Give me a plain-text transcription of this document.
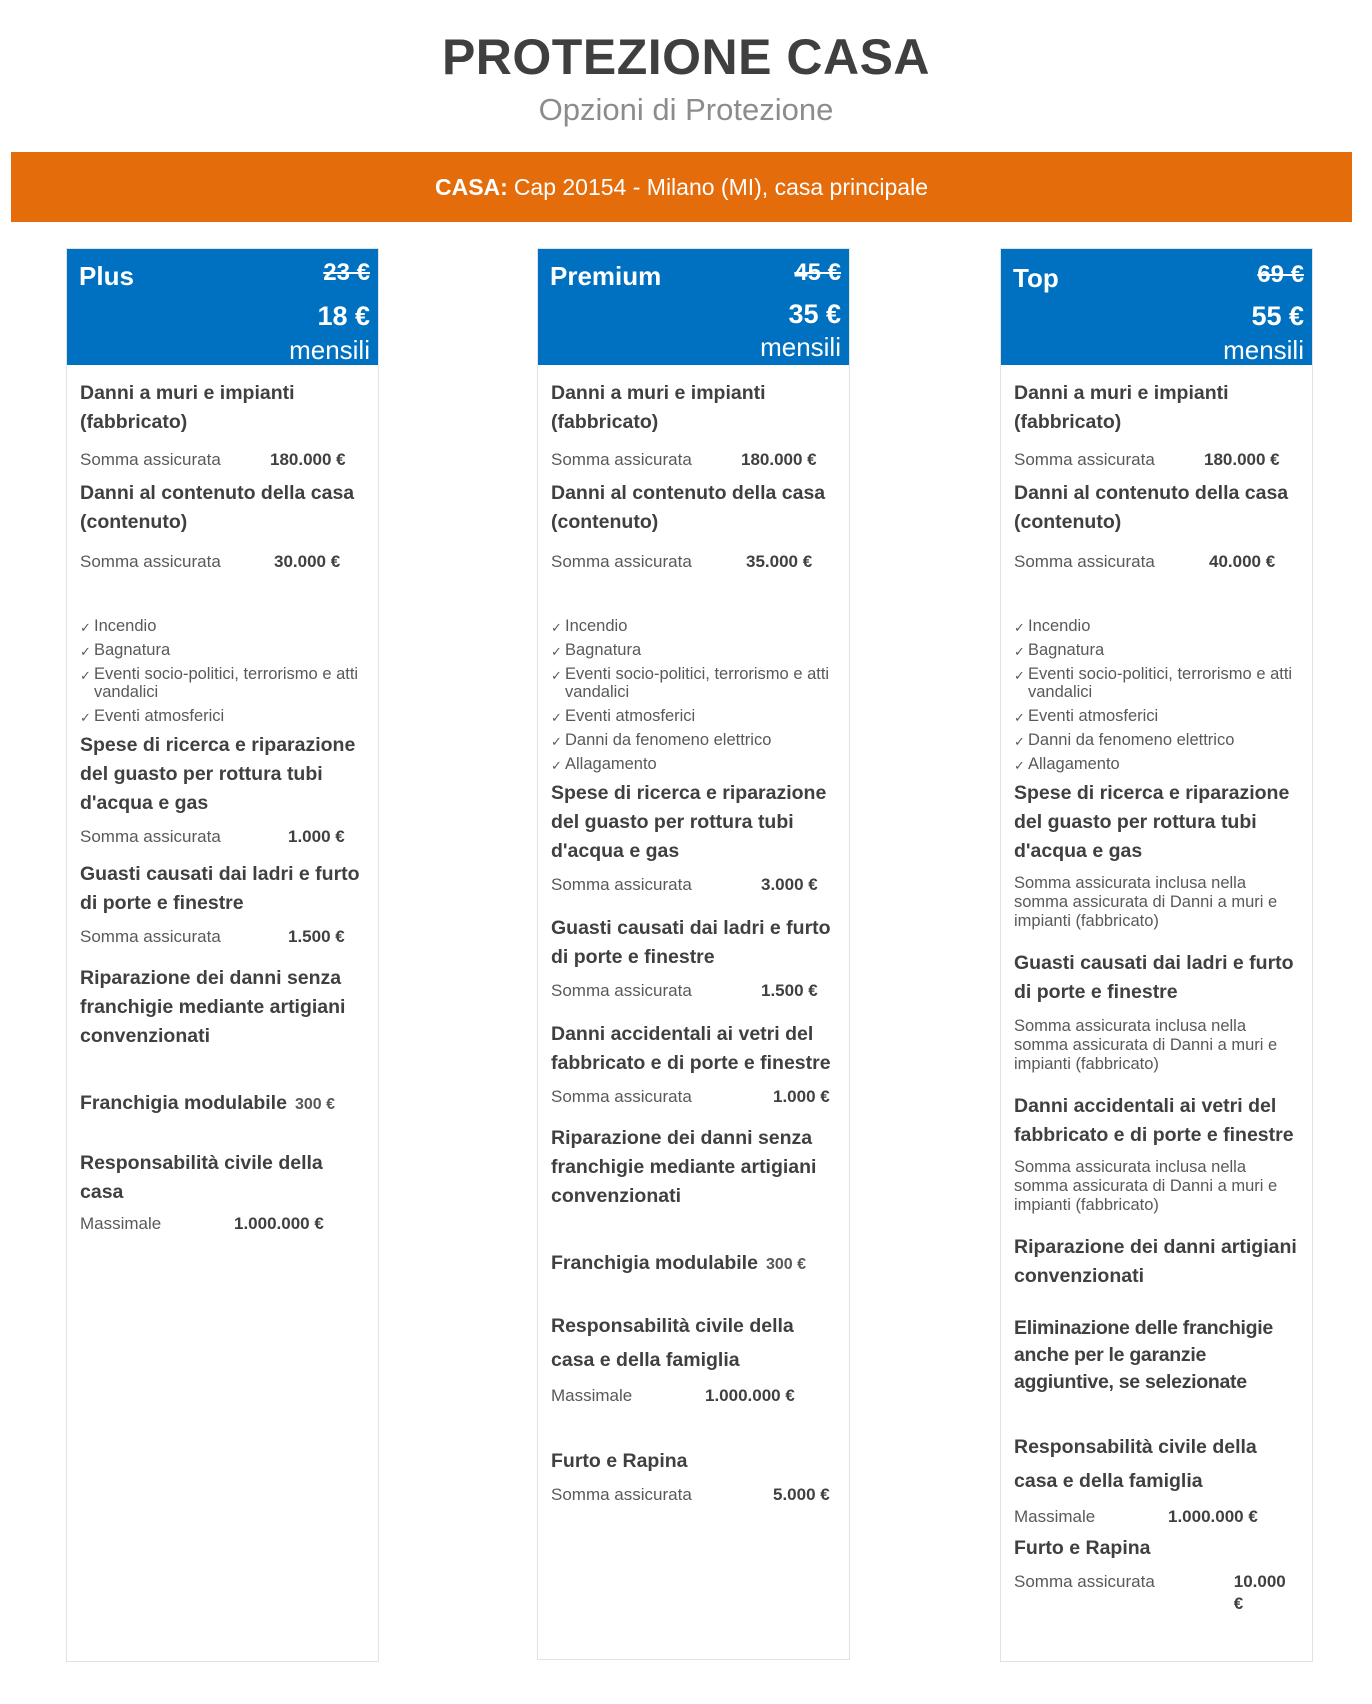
PROTEZIONE CASA
Opzioni di Protezione
CASA: Cap 20154 - Milano (MI), casa principale
Plus	23 €
18 €
mensili
Danni a muri e impianti (fabbricato)
Somma assicurata	180.000 €
Danni al contenuto della casa (contenuto)
Somma assicurata	30.000 €
✓ Incendio
✓ Bagnatura
✓ Eventi socio-politici, terrorismo e atti vandalici
✓ Eventi atmosferici
Spese di ricerca e riparazione del guasto per rottura tubi d'acqua e gas
Somma assicurata	1.000 €
Guasti causati dai ladri e furto di porte e finestre
Somma assicurata	1.500 €
Riparazione dei danni senza franchigie mediante artigiani convenzionati
Franchigia modulabile 300 €
Responsabilità civile della casa
Massimale	1.000.000 €
Premium	45 €
35 €
mensili
Danni a muri e impianti (fabbricato)
Somma assicurata	180.000 €
Danni al contenuto della casa (contenuto)
Somma assicurata	35.000 €
✓ Incendio
✓ Bagnatura
✓ Eventi socio-politici, terrorismo e atti vandalici
✓ Eventi atmosferici
✓ Danni da fenomeno elettrico
✓ Allagamento
Spese di ricerca e riparazione del guasto per rottura tubi d'acqua e gas
Somma assicurata	3.000 €
Guasti causati dai ladri e furto di porte e finestre
Somma assicurata	1.500 €
Danni accidentali ai vetri del fabbricato e di porte e finestre
Somma assicurata	1.000 €
Riparazione dei danni senza franchigie mediante artigiani convenzionati
Franchigia modulabile 300 €
Responsabilità civile della casa e della famiglia
Massimale	1.000.000 €
Furto e Rapina
Somma assicurata	5.000 €
Top	69 €
55 €
mensili
Danni a muri e impianti (fabbricato)
Somma assicurata	180.000 €
Danni al contenuto della casa (contenuto)
Somma assicurata	40.000 €
✓ Incendio
✓ Bagnatura
✓ Eventi socio-politici, terrorismo e atti vandalici
✓ Eventi atmosferici
✓ Danni da fenomeno elettrico
✓ Allagamento
Spese di ricerca e riparazione del guasto per rottura tubi d'acqua e gas
Somma assicurata inclusa nella somma assicurata di Danni a muri e impianti (fabbricato)
Guasti causati dai ladri e furto di porte e finestre
Somma assicurata inclusa nella somma assicurata di Danni a muri e impianti (fabbricato)
Danni accidentali ai vetri del fabbricato e di porte e finestre
Somma assicurata inclusa nella somma assicurata di Danni a muri e impianti (fabbricato)
Riparazione dei danni artigiani convenzionati
Eliminazione delle franchigie anche per le garanzie aggiuntive, se selezionate
Responsabilità civile della casa e della famiglia
Massimale	1.000.000 €
Furto e Rapina
Somma assicurata	10.000 €
